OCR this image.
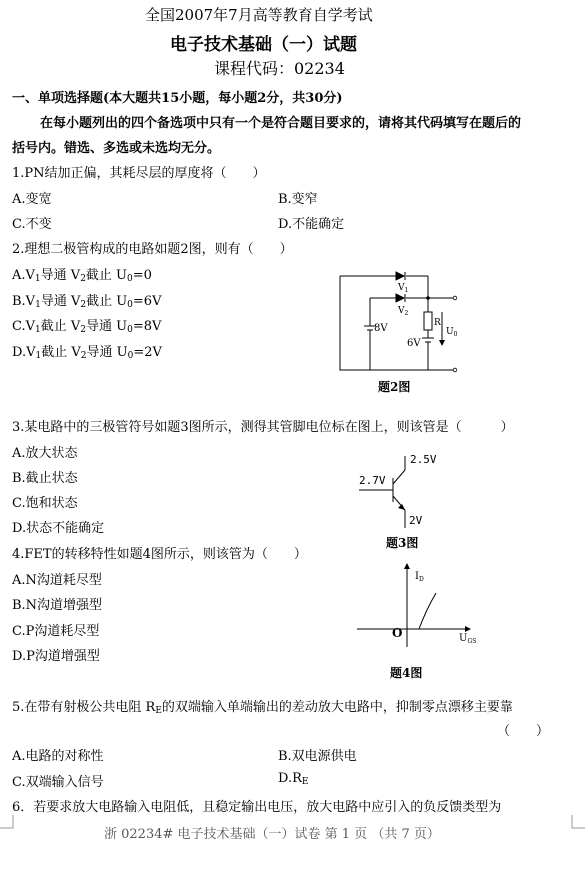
全国2007年7月高等教育自学考试
电子技术基础（一）试题
课程代码：02234
一、单项选择题(本大题共15小题，每小题2分，共30分)
在每小题列出的四个备选项中只有一个是符合题目要求的，请将其代码填写在题后的
括号内。错选、多选或未选均无分。
1.PN结加正偏，其耗尽层的厚度将（　　）
A.变宽	B.变窄
C.不变	D.不能确定
2.理想二极管构成的电路如题2图，则有（　　）
$A.V_1$导通 $V_2$截止 $U_0=0$
$B.V_1$导通 $V_2$截止 $U_0=6V$
$C.V_1$截止 $V_2$导通 $U_0=8V$
$D.V_1$截止 $V_2$导通 $U_0=2V$
$V_1$
$V_2$
R
8V
6V
$U_0$
题2图
3.某电路中的三极管符号如题3图所示，测得其管脚电位标在图上，则该管是（　　　）
A.放大状态
B.截止状态
C.饱和状态
D.状态不能确定
2.7V
2.5V
2V
题3图
4.FET的转移特性如题4图所示，则该管为（　　）
A.N沟道耗尽型
B.N沟道增强型
C.P沟道耗尽型
D.P沟道增强型
$I_D$
O	$U_{GS}$
题4图
5.在带有射极公共电阻 $R_E$的双端输入单端输出的差动放大电路中，抑制零点漂移主要靠
（　　）
A.电路的对称性	B.双电源供电
C.双端输入信号	$D.R_E$
6．若要求放大电路输入电阻低，且稳定输出电压，放大电路中应引入的负反馈类型为
浙 02234# 电子技术基础（一）试卷 第 1 页 （共 7 页）
